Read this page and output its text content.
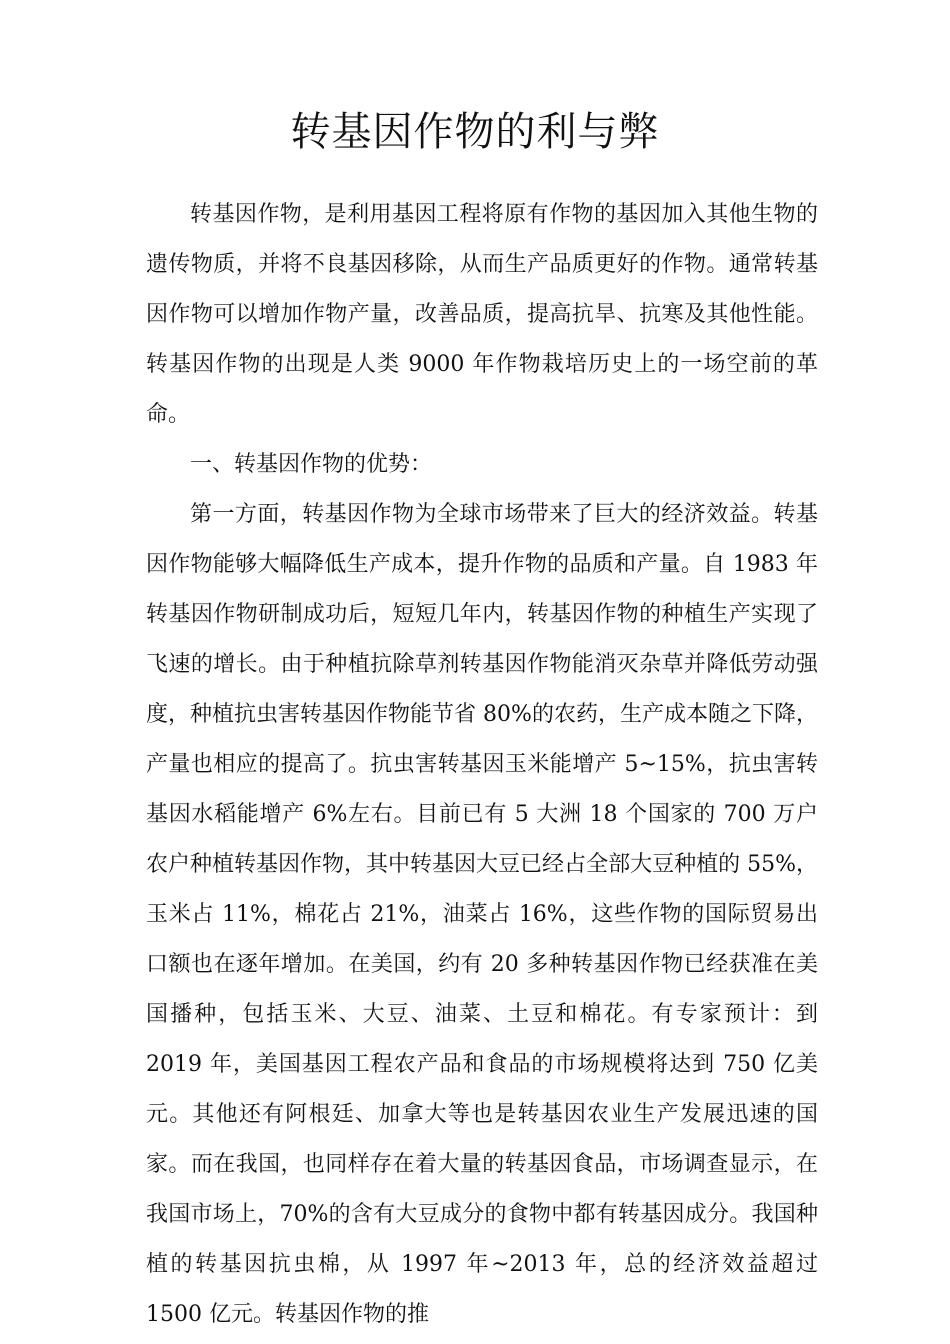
转基因作物的利与弊

转基因作物，是利用基因工程将原有作物的基因加入其他生物的遗传物质，并将不良基因移除，从而生产品质更好的作物。通常转基因作物可以增加作物产量，改善品质，提高抗旱、抗寒及其他性能。转基因作物的出现是人类 9000 年作物栽培历史上的一场空前的革命。

一、转基因作物的优势：

第一方面，转基因作物为全球市场带来了巨大的经济效益。转基因作物能够大幅降低生产成本，提升作物的品质和产量。自 1983 年转基因作物研制成功后，短短几年内，转基因作物的种植生产实现了飞速的增长。由于种植抗除草剂转基因作物能消灭杂草并降低劳动强度，种植抗虫害转基因作物能节省 80%的农药，生产成本随之下降，产量也相应的提高了。抗虫害转基因玉米能增产 5~15%，抗虫害转基因水稻能增产 6%左右。目前已有 5 大洲 18 个国家的 700 万户农户种植转基因作物，其中转基因大豆已经占全部大豆种植的 55%，玉米占 11%，棉花占 21%，油菜占 16%，这些作物的国际贸易出口额也在逐年增加。在美国，约有 20 多种转基因作物已经获准在美国播种，包括玉米、大豆、油菜、土豆和棉花。有专家预计：到 2019 年，美国基因工程农产品和食品的市场规模将达到 750 亿美元。其他还有阿根廷、加拿大等也是转基因农业生产发展迅速的国家。而在我国，也同样存在着大量的转基因食品，市场调查显示，在我国市场上，70%的含有大豆成分的食物中都有转基因成分。我国种植的转基因抗虫棉，从 1997 年~2013 年，总的经济效益超过 1500 亿元。转基因作物的推
